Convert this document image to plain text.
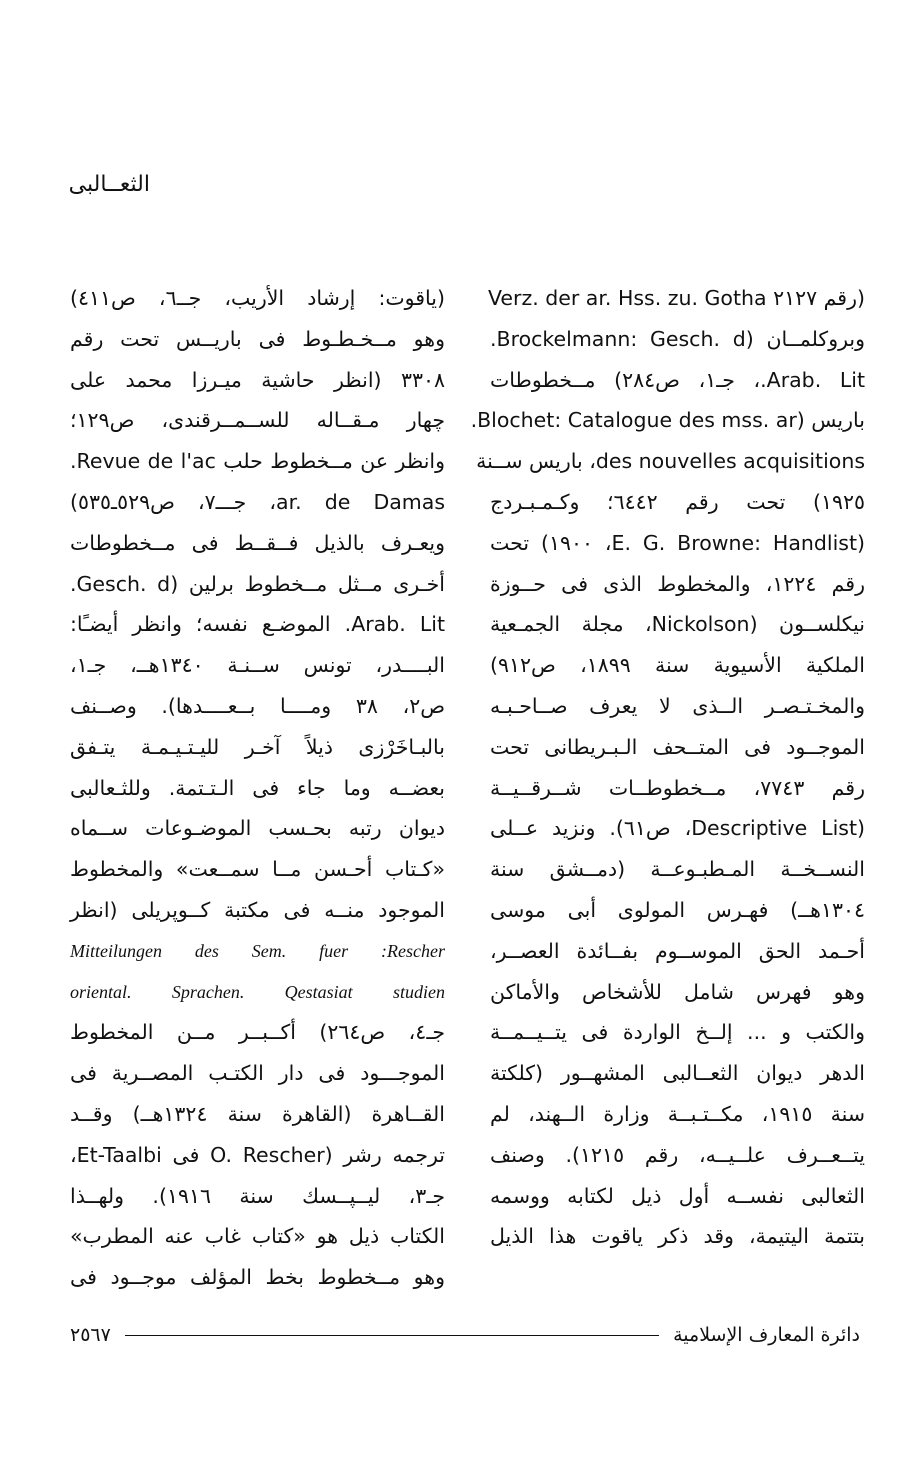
الثعــالبى
(رقم ٢١٢٧ Verz. der ar. Hss. zu. Gotha
وبروكلمــان (Brockelmann: Gesch. d.
Arab. Lit.، جـ١، ص٢٨٤) مــخطوطات
باريس (Blochet: Catalogue des mss. ar.
des nouvelles acquisitions، باريس ســنة
١٩٢٥) تحت رقم ٦٤٤٢؛ وكـمـبـردج
(E. G. Browne: Handlist، ١٩٠٠) تحت
رقم ١٢٢٤، والمخطوط الذى فى حــوزة
نيكلســون (Nickolson، مجلة الجمـعية
الملكية الأسيوية سنة ١٨٩٩، ص٩١٢)
والمخـتـصـر الــذى لا يعرف صــاحـبـه
الموجــود فى المتــحف الـبـريطانى تحت
رقم ٧٧٤٣، مــخطوطــات شــرقــيــة
(Descriptive List، ص٦١). ونزيد عــلى
النســخــة المـطبـوعــة (دمــشق سنة
١٣٠٤هــ) فهـرس المولوى أبى موسى
أحـمد الحق الموســوم بفــائدة العصــر،
وهو فهرس شامل للأشخاص والأماكن
والكتب و ... إلــخ الواردة فى يتــيــمــة
الدهر ديوان الثعــالبى المشهــور (كلكتة
سنة ١٩١٥، مكــتـبــة وزارة الــهند، لم
يتــعــرف علــيــه، رقم ١٢١٥). وصنف
الثعالبى نفســه أول ذيل لكتابه ووسمه
بتتمة اليتيمة، وقد ذكر ياقوت هذا الذيل
(ياقوت: إرشاد الأريب، جــ٦، ص٤١١)
وهو مــخـطـوط فى باريــس تحت رقم
٣٣٠٨ (انظر حاشية ميـرزا محمد على
چهار مـقــاله للســمــرقندى، ص١٢٩؛
وانظر عن مــخطوط حلب Revue de l'ac.
ar. de Damas، جـــ٧، ص٥٢٩ـ٥٣٥)
ويعـرف بالذيل فــقــط فى مــخطوطات
أخـرى مــثل مــخطوط برلين (Gesch. d.
Arab. Lit. الموضـع نفسه؛ وانظر أيضـًا:
البــــدر، تونس ســنـة ١٣٤٠هــ، جـ١،
ص٢، ٣٨ ومــــا بــعــــدها). وصــنف
بالبـاخَرْزى ذيلاً آخـر لليـتـيـمـة يتـفق
بعضــه وما جاء فى الـتـتمة. وللثـعالبى
ديوان رتبه بحـسب الموضـوعات ســماه
«كـتاب أحـسن مــا سمــعت» والمخطوط
الموجود منــه فى مكتبة كــوپريلى (انظر
Mitteilungen des Sem. fuer :Rescher
oriental. Sprachen. Qestasiat studien
جـ٤، ص٢٦٤) أكــبــر مــن المخطوط
الموجـــود فى دار الكتـب المصــرية فى
القــاهرة (القاهرة سنة ١٣٢٤هــ) وقــد
ترجمه رشر (O. Rescher فى Et-Taalbi،
جـ٣، ليــپــسك سنة ١٩١٦). ولهــذا
الكتاب ذيل هو «كتاب غاب عنه المطرب»
وهو مــخطوط بخط المؤلف موجــود فى
دائرة المعارف الإسلامية
٢٥٦٧
